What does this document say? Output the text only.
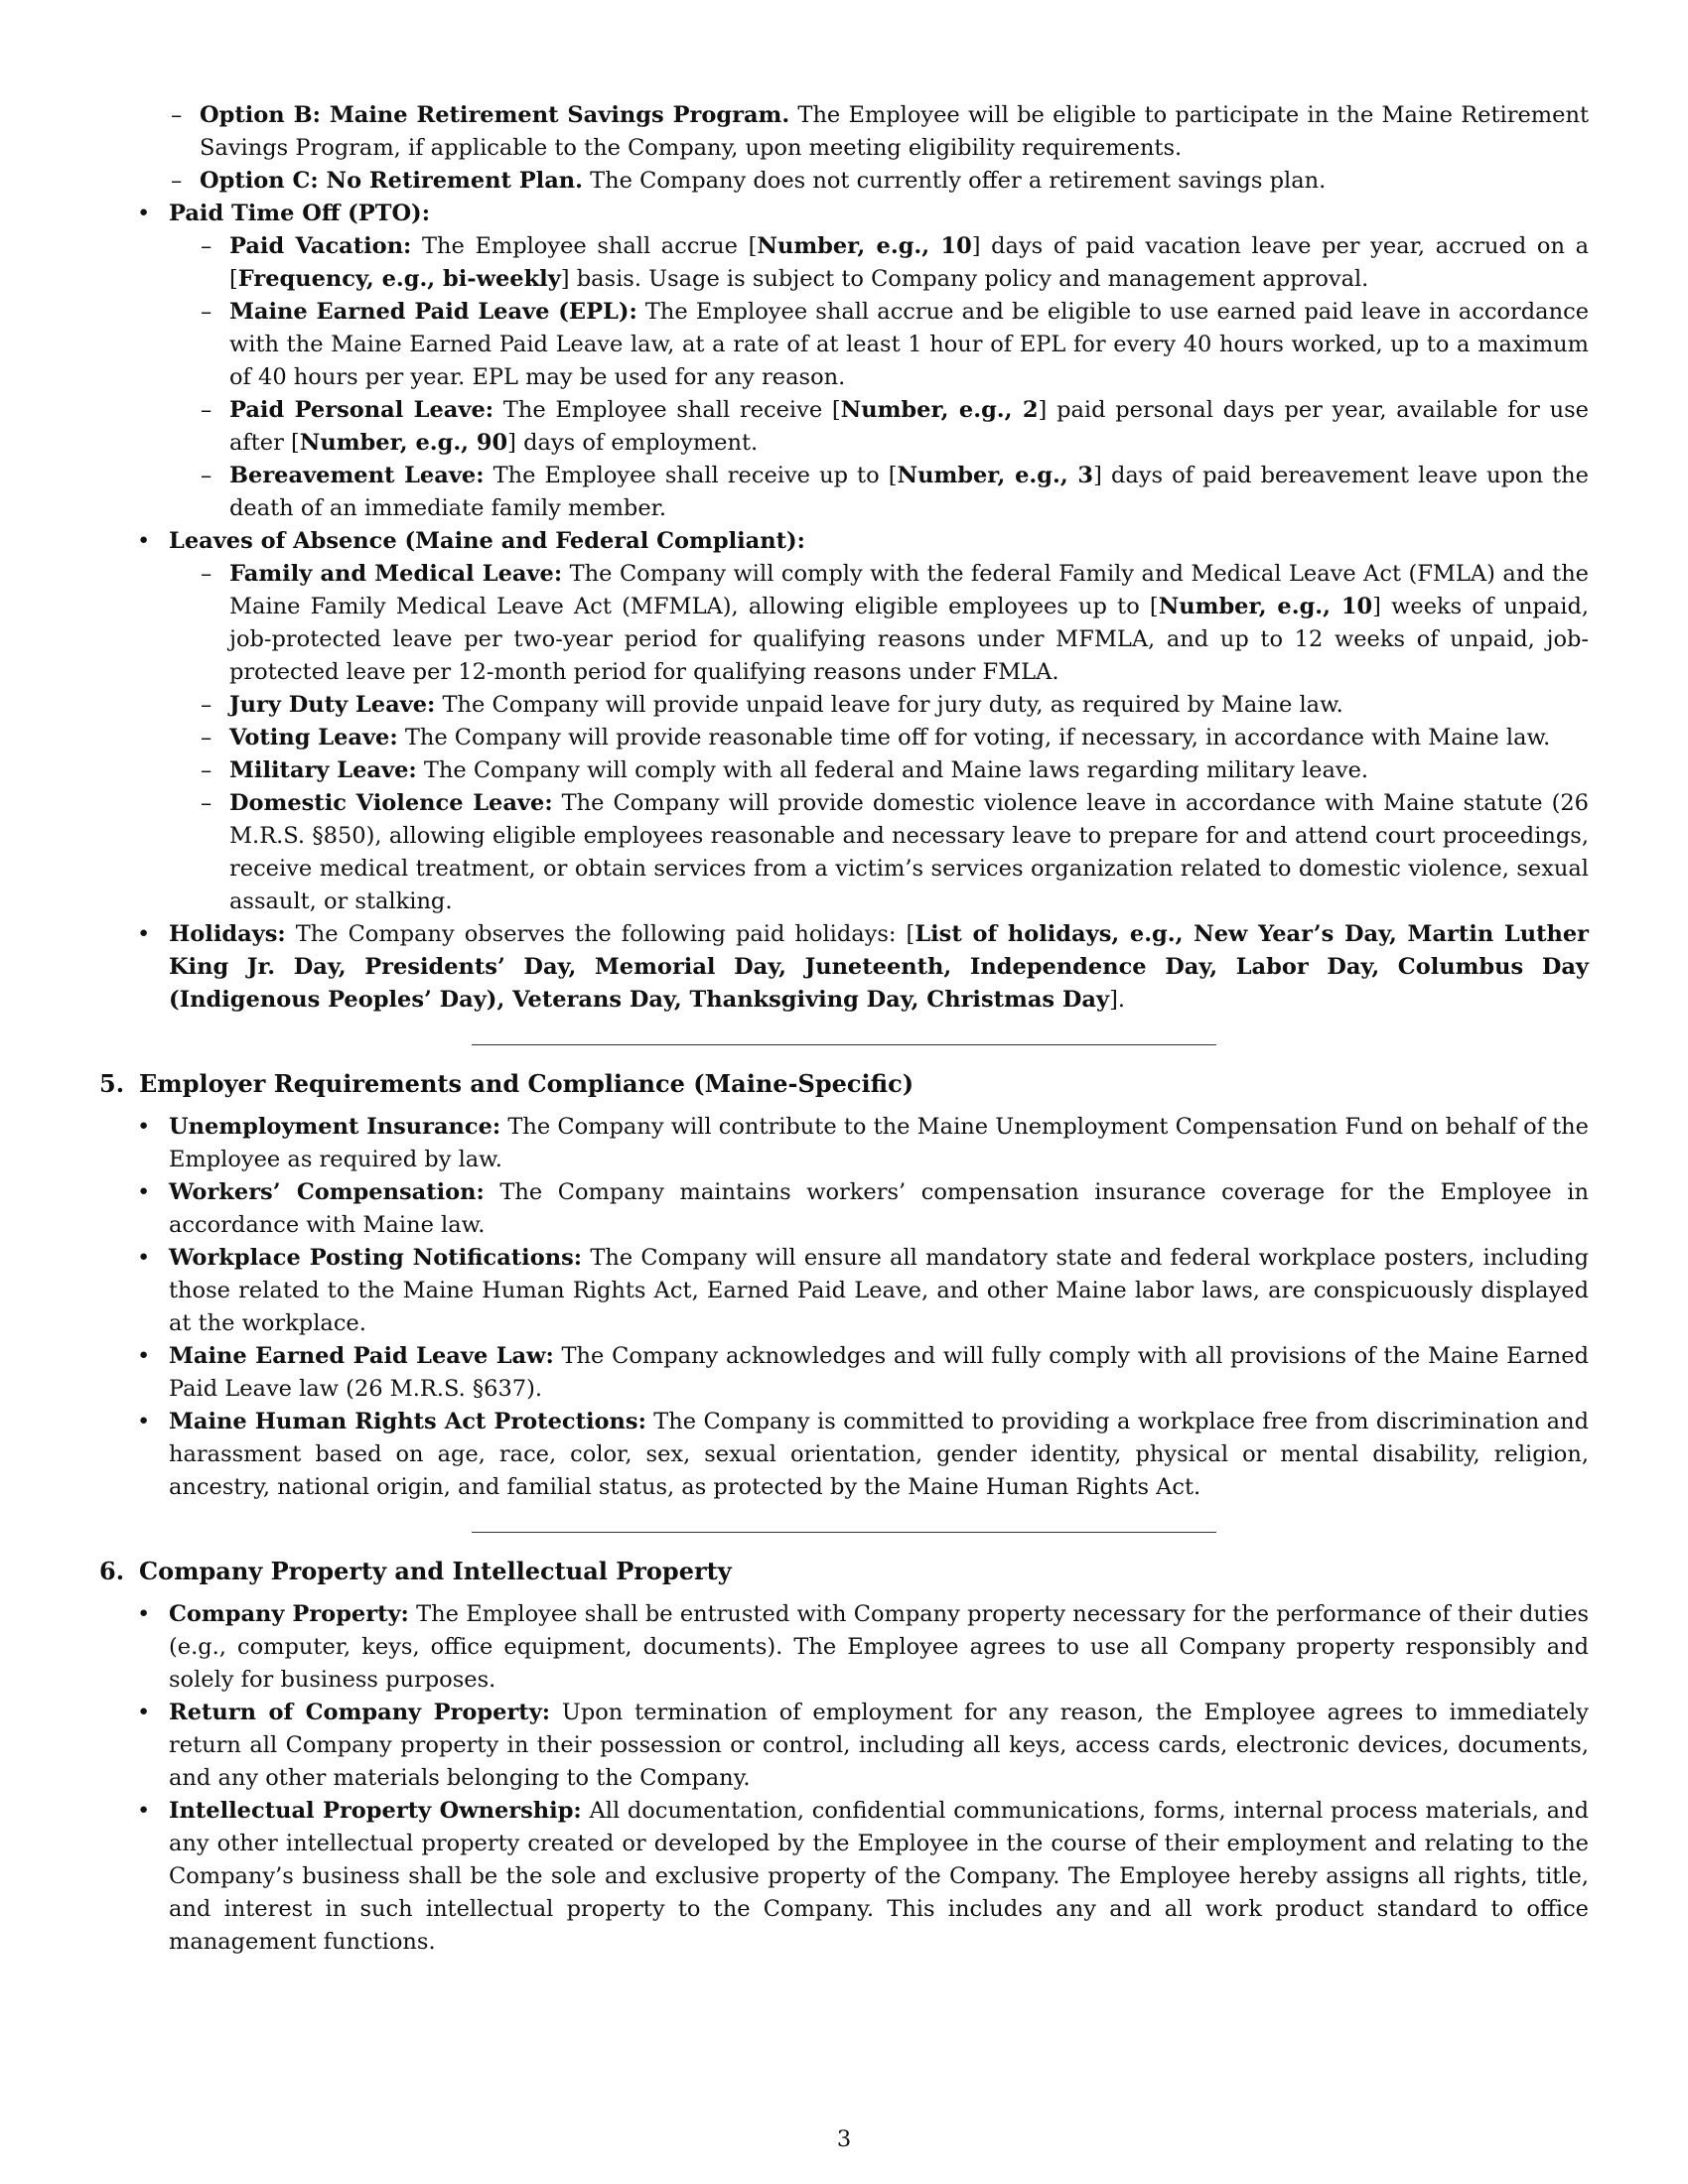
– Option B: Maine Retirement Savings Program. The Employee will be eligible to participate in the Maine Retirement Savings Program, if applicable to the Company, upon meeting eligibility requirements.
– Option C: No Retirement Plan. The Company does not currently offer a retirement savings plan.
• Paid Time Off (PTO):
– Paid Vacation: The Employee shall accrue [Number, e.g., 10] days of paid vacation leave per year, accrued on a [Frequency, e.g., bi-weekly] basis. Usage is subject to Company policy and management approval.
– Maine Earned Paid Leave (EPL): The Employee shall accrue and be eligible to use earned paid leave in accordance with the Maine Earned Paid Leave law, at a rate of at least 1 hour of EPL for every 40 hours worked, up to a maximum of 40 hours per year. EPL may be used for any reason.
– Paid Personal Leave: The Employee shall receive [Number, e.g., 2] paid personal days per year, available for use after [Number, e.g., 90] days of employment.
– Bereavement Leave: The Employee shall receive up to [Number, e.g., 3] days of paid bereavement leave upon the death of an immediate family member.
• Leaves of Absence (Maine and Federal Compliant):
– Family and Medical Leave: The Company will comply with the federal Family and Medical Leave Act (FMLA) and the Maine Family Medical Leave Act (MFMLA), allowing eligible employees up to [Number, e.g., 10] weeks of unpaid, job-protected leave per two-year period for qualifying reasons under MFMLA, and up to 12 weeks of unpaid, job-protected leave per 12-month period for qualifying reasons under FMLA.
– Jury Duty Leave: The Company will provide unpaid leave for jury duty, as required by Maine law.
– Voting Leave: The Company will provide reasonable time off for voting, if necessary, in accordance with Maine law.
– Military Leave: The Company will comply with all federal and Maine laws regarding military leave.
– Domestic Violence Leave: The Company will provide domestic violence leave in accordance with Maine statute (26 M.R.S. §850), allowing eligible employees reasonable and necessary leave to prepare for and attend court proceedings, receive medical treatment, or obtain services from a victim’s services organization related to domestic violence, sexual assault, or stalking.
• Holidays: The Company observes the following paid holidays: [List of holidays, e.g., New Year’s Day, Martin Luther King Jr. Day, Presidents’ Day, Memorial Day, Juneteenth, Independence Day, Labor Day, Columbus Day (Indigenous Peoples’ Day), Veterans Day, Thanksgiving Day, Christmas Day].
5. Employer Requirements and Compliance (Maine-Specific)
• Unemployment Insurance: The Company will contribute to the Maine Unemployment Compensation Fund on behalf of the Employee as required by law.
• Workers’ Compensation: The Company maintains workers’ compensation insurance coverage for the Employee in accordance with Maine law.
• Workplace Posting Notifications: The Company will ensure all mandatory state and federal workplace posters, including those related to the Maine Human Rights Act, Earned Paid Leave, and other Maine labor laws, are conspicuously displayed at the workplace.
• Maine Earned Paid Leave Law: The Company acknowledges and will fully comply with all provisions of the Maine Earned Paid Leave law (26 M.R.S. §637).
• Maine Human Rights Act Protections: The Company is committed to providing a workplace free from discrimination and harassment based on age, race, color, sex, sexual orientation, gender identity, physical or mental disability, religion, ancestry, national origin, and familial status, as protected by the Maine Human Rights Act.
6. Company Property and Intellectual Property
• Company Property: The Employee shall be entrusted with Company property necessary for the performance of their duties (e.g., computer, keys, office equipment, documents). The Employee agrees to use all Company property responsibly and solely for business purposes.
• Return of Company Property: Upon termination of employment for any reason, the Employee agrees to immediately return all Company property in their possession or control, including all keys, access cards, electronic devices, documents, and any other materials belonging to the Company.
• Intellectual Property Ownership: All documentation, confidential communications, forms, internal process materials, and any other intellectual property created or developed by the Employee in the course of their employment and relating to the Company’s business shall be the sole and exclusive property of the Company. The Employee hereby assigns all rights, title, and interest in such intellectual property to the Company. This includes any and all work product standard to office management functions.
3
